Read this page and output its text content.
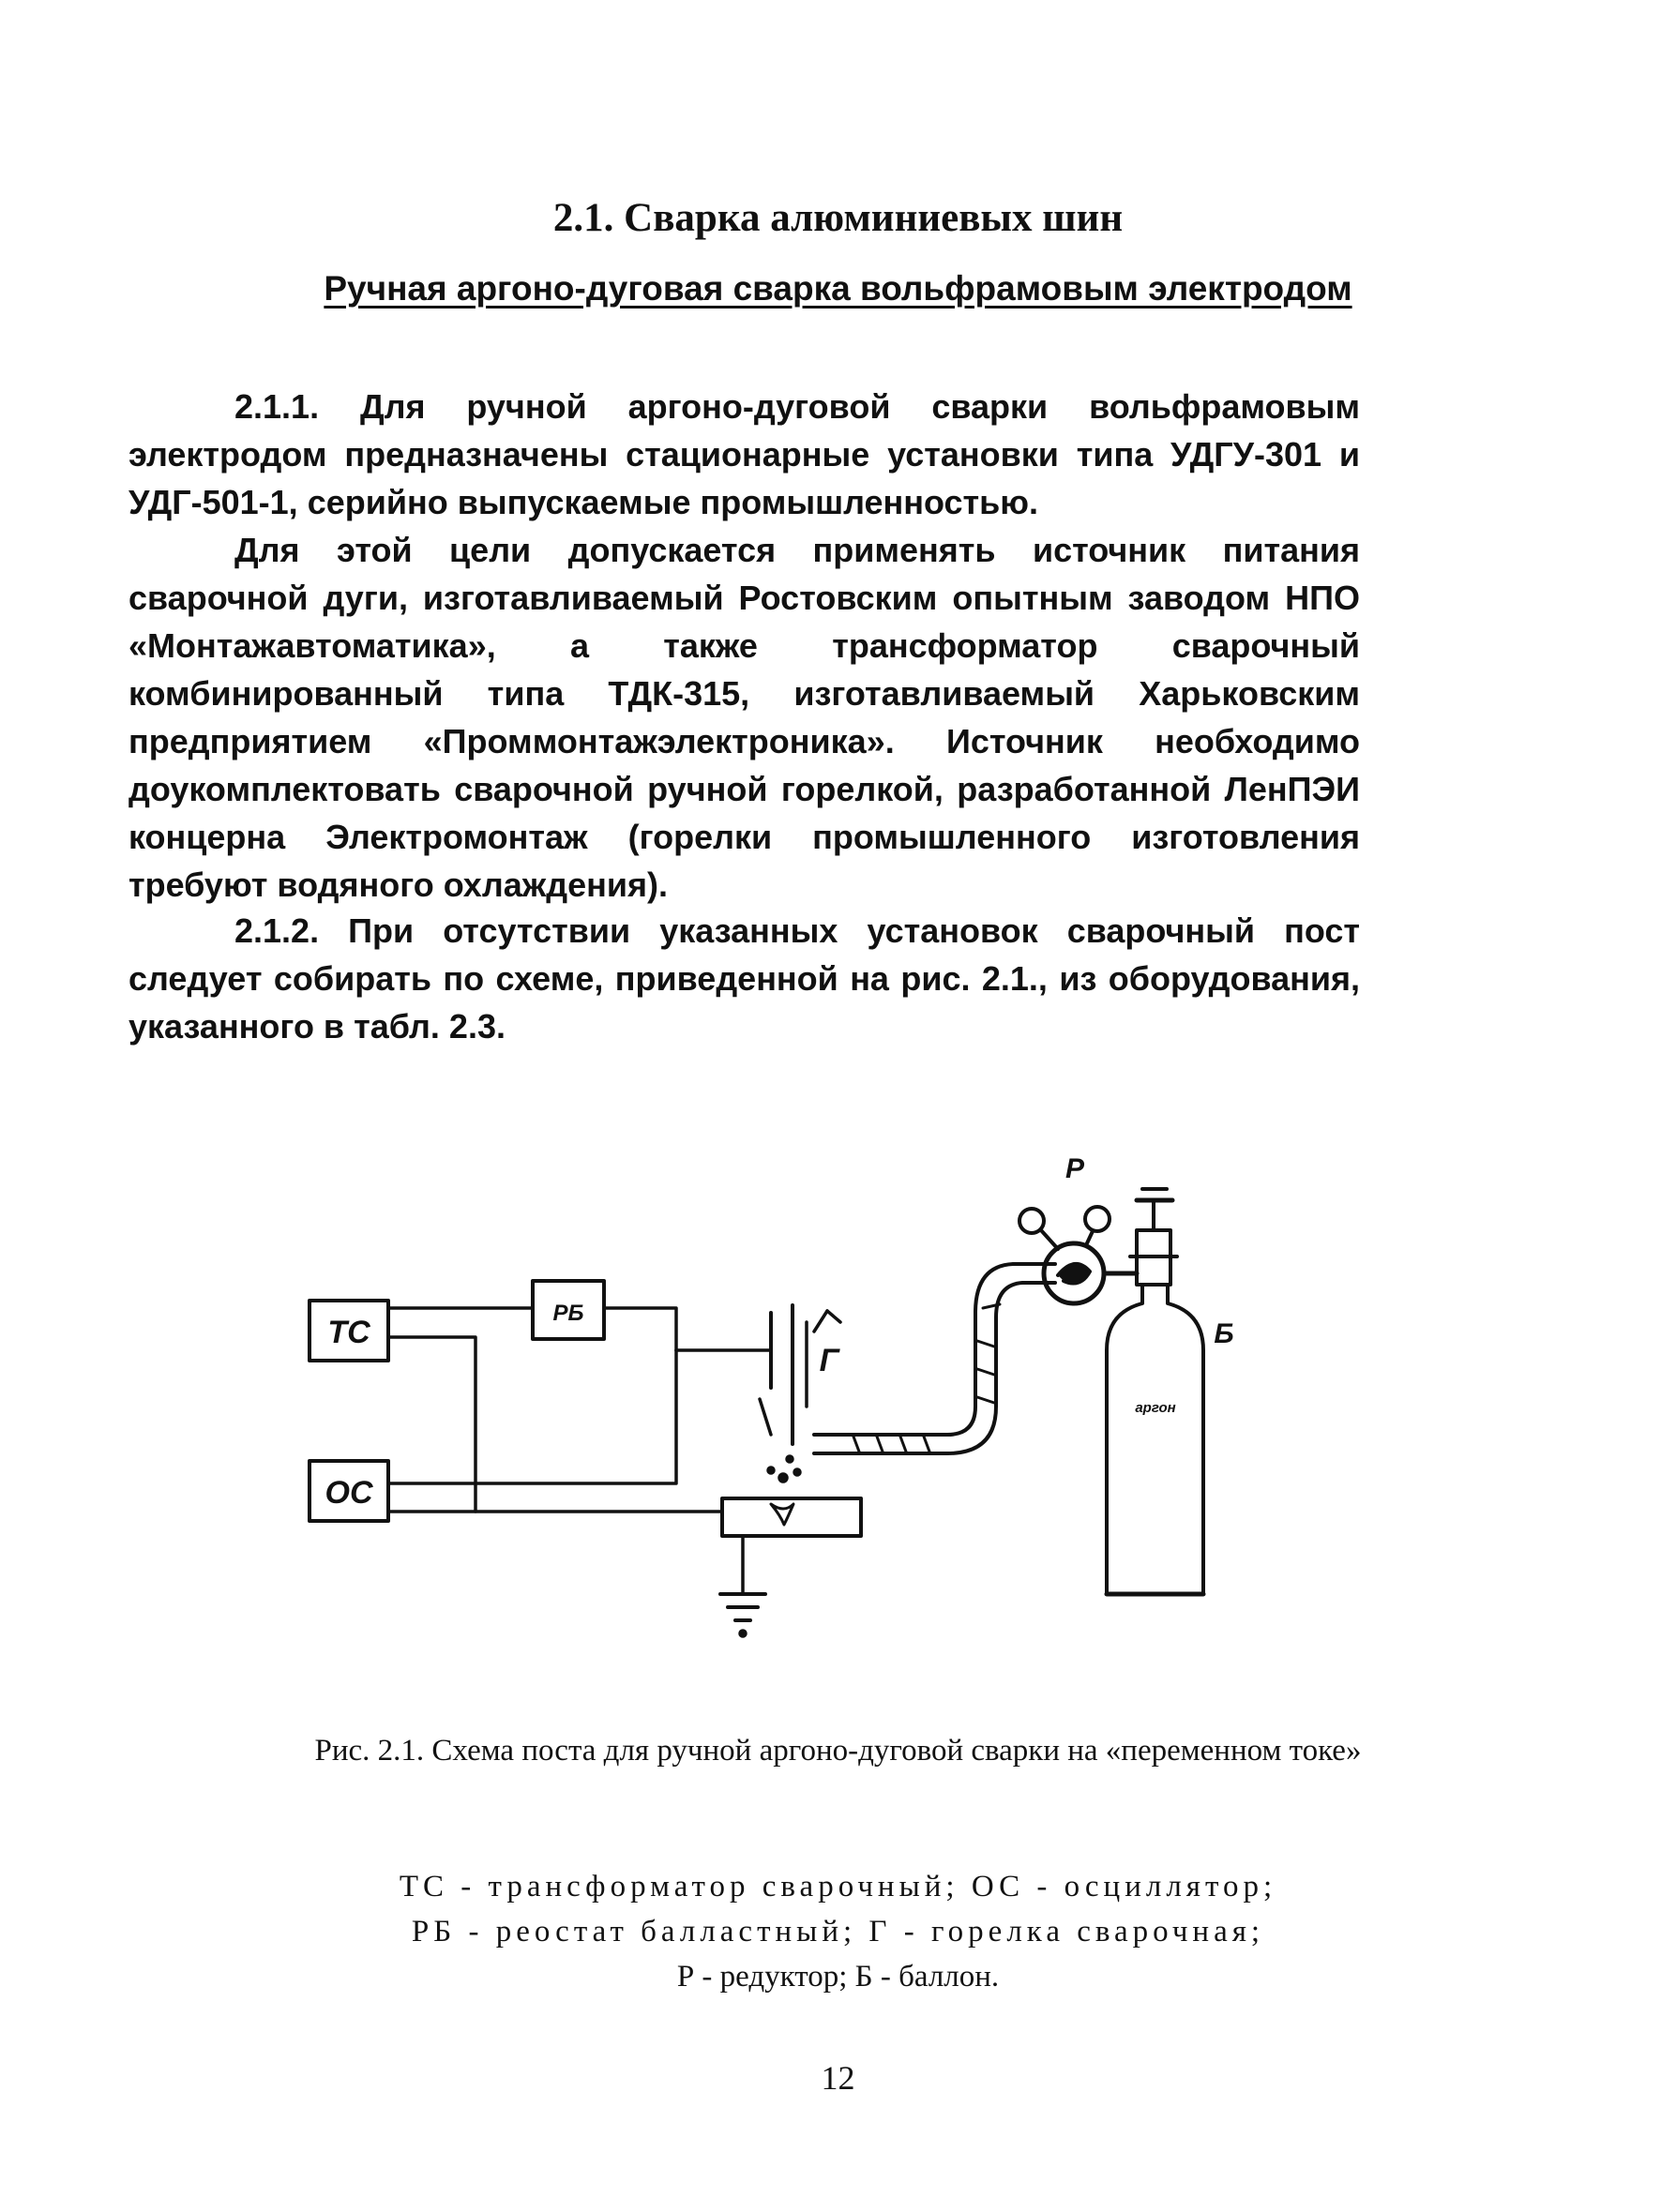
2.1. Сварка алюминиевых шин
Ручная аргоно-дуговая сварка вольфрамовым электродом

2.1.1. Для ручной аргоно-дуговой сварки вольфрамовым электродом предназначены стационарные установки типа УДГУ-301 и УДГ-501-1, серийно выпускаемые промышленностью.

Для этой цели допускается применять источник питания сварочной дуги, изготавливаемый Ростовским опытным заводом НПО «Монтажавтоматика», а также трансформатор сварочный комбинированный типа ТДК-315, изготавливаемый Харьковским предприятием «Проммонтажэлектроника». Источник необходимо доукомплектовать сварочной ручной горелкой, разработанной ЛенПЭИ концерна Электромонтаж (горелки промышленного изготовления требуют водяного охлаждения).

2.1.2. При отсутствии указанных установок сварочный пост следует собирать по схеме, приведенной на рис. 2.1., из оборудования, указанного в табл. 2.3.

ТС
РБ
ОС
Г
Р
Б
аргон
Рис. 2.1. Схема поста для ручной аргоно-дуговой сварки на «переменном токе»
ТС - трансформатор сварочный; ОС - осциллятор;
РБ - реостат балластный; Г - горелка сварочная;
Р - редуктор; Б - баллон.
12
